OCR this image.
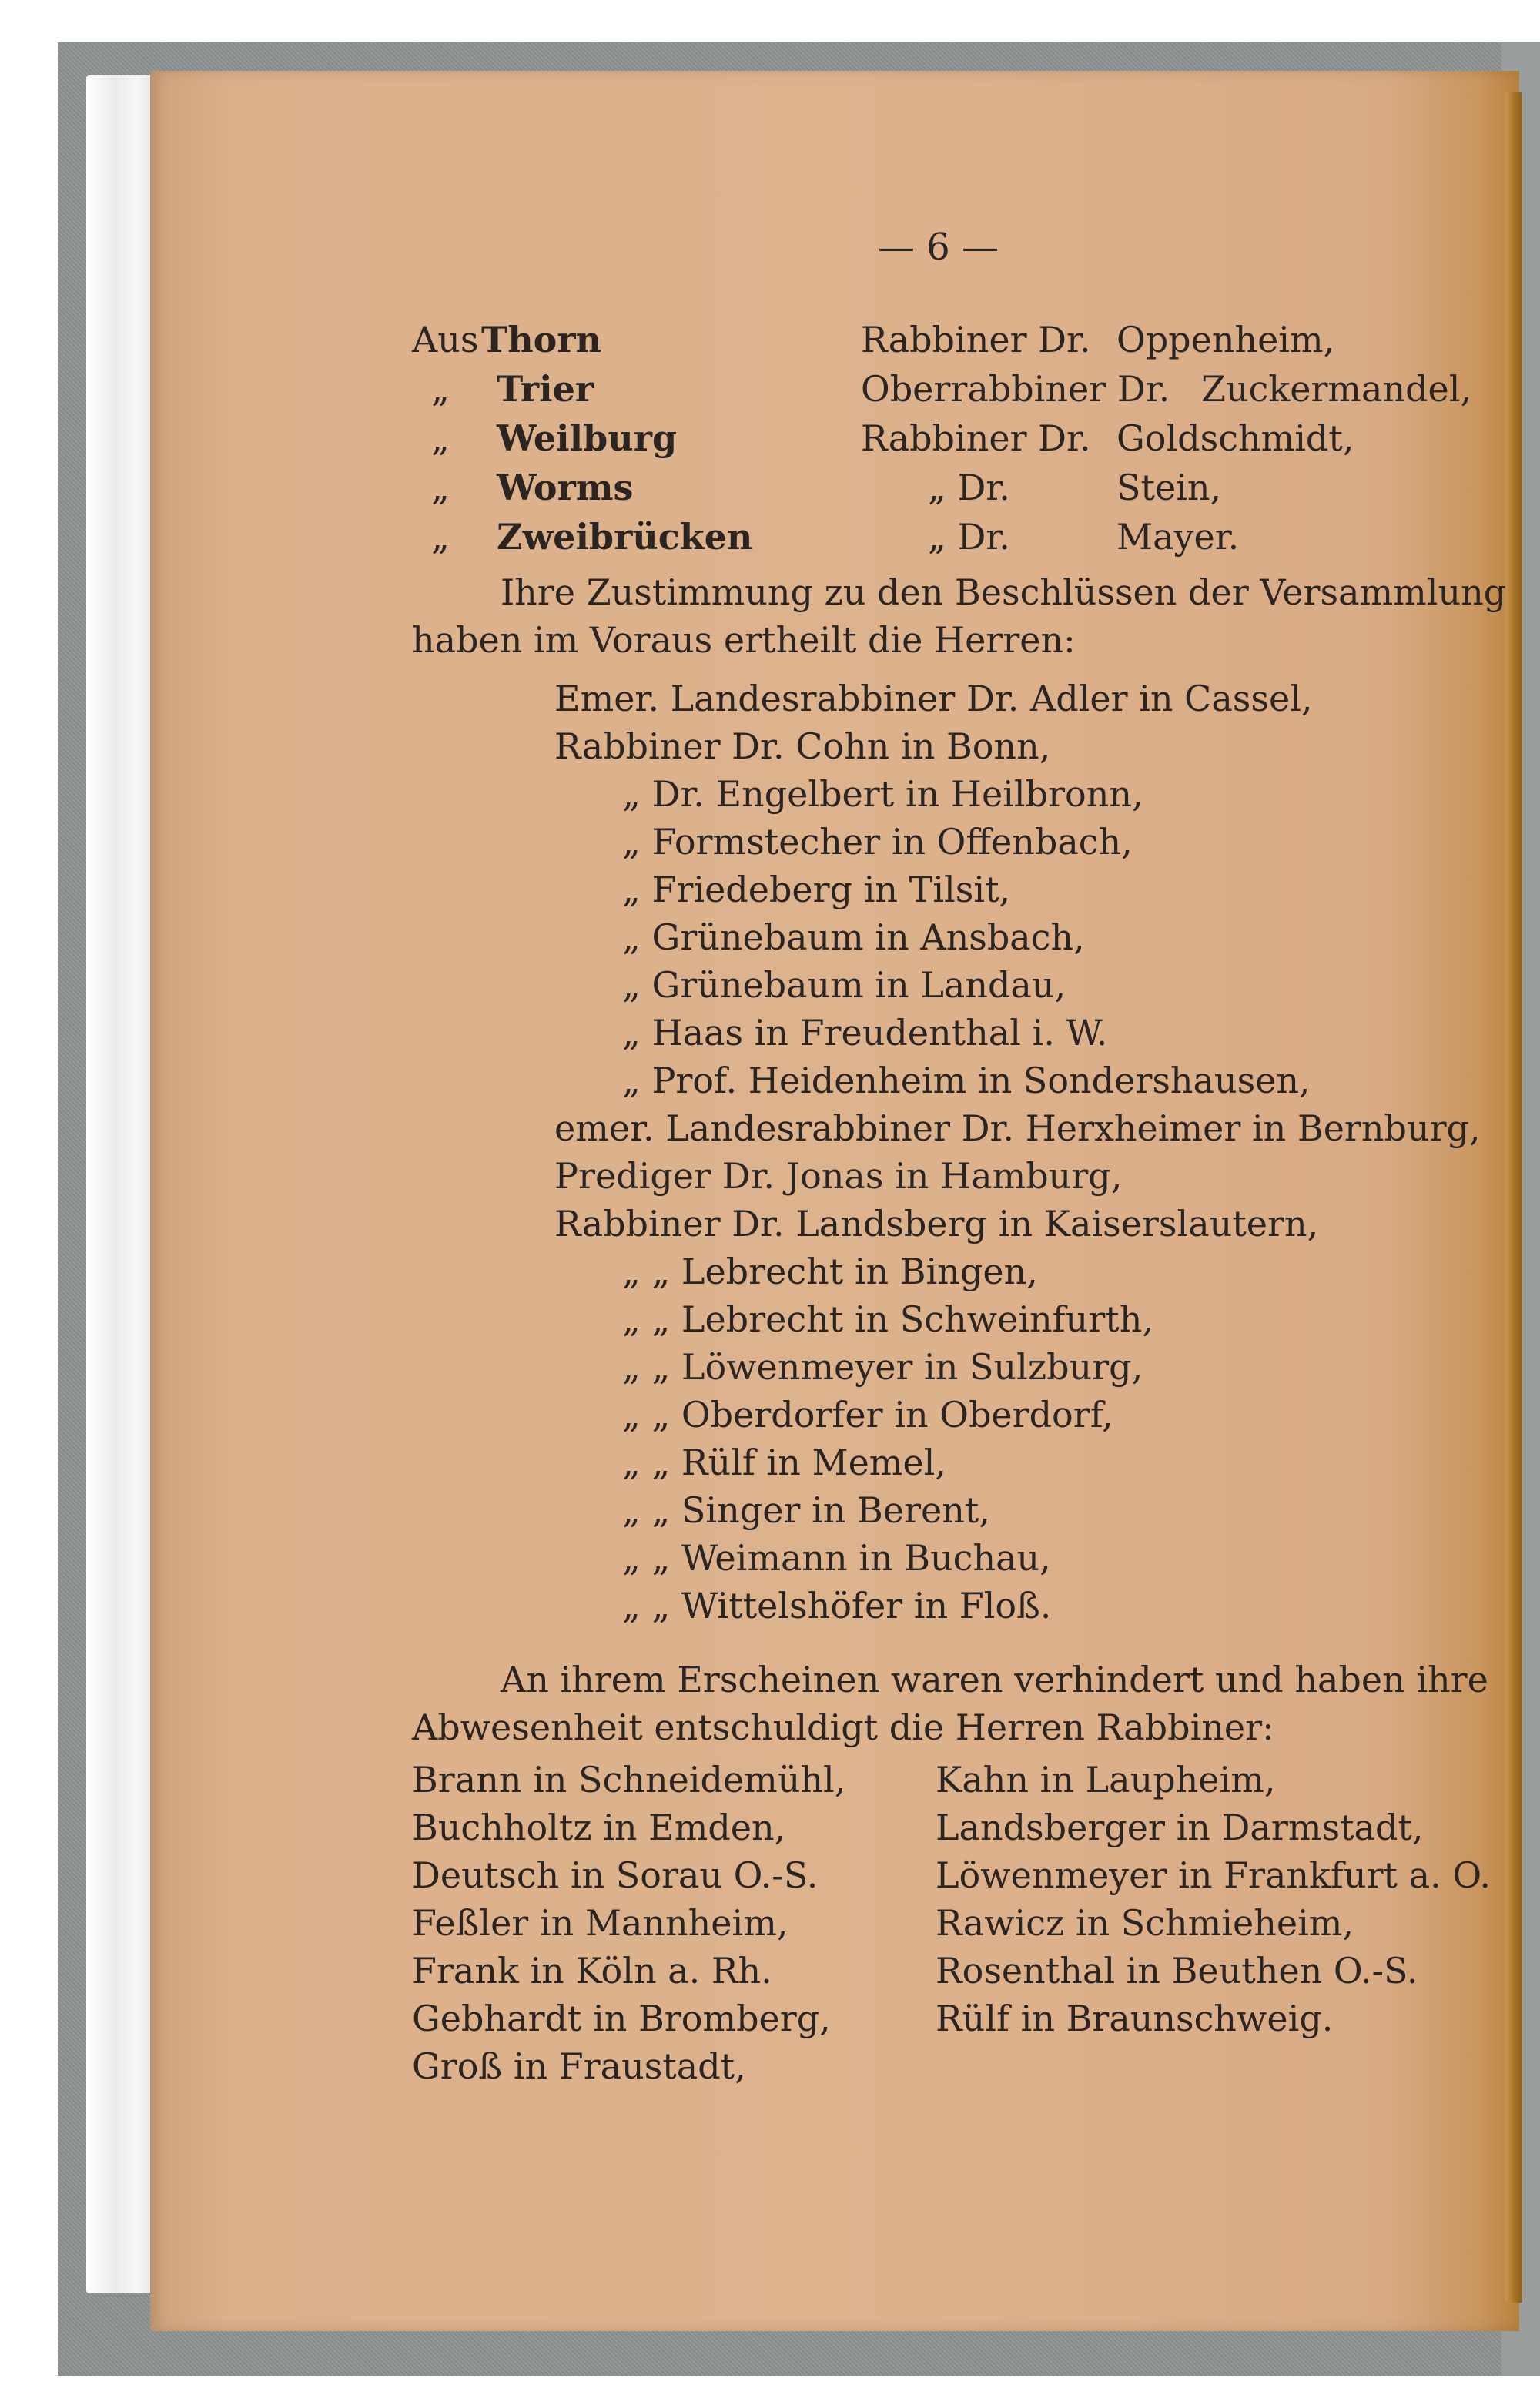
— 6 —
Aus Thorn	Rabbiner Dr. Oppenheim,
„ Trier	Oberrabbiner Dr. Zuckermandel,
„ Weilburg	Rabbiner Dr. Goldschmidt,
„ Worms	„ Dr.	Stein,
„ Zweibrücken	„ Dr.	Mayer.
Ihre Zustimmung zu den Beschlüssen der Versammlung
haben im Voraus ertheilt die Herren:
Emer. Landesrabbiner Dr. Adler in Cassel,
Rabbiner Dr. Cohn in Bonn,
„ Dr. Engelbert in Heilbronn,
„ Formstecher in Offenbach,
„ Friedeberg in Tilsit,
„ Grünebaum in Ansbach,
„ Grünebaum in Landau,
„ Haas in Freudenthal i. W.
„ Prof. Heidenheim in Sondershausen,
emer. Landesrabbiner Dr. Herxheimer in Bernburg,
Prediger Dr. Jonas in Hamburg,
Rabbiner Dr. Landsberg in Kaiserslautern,
„ „ Lebrecht in Bingen,
„ „ Lebrecht in Schweinfurth,
„ „ Löwenmeyer in Sulzburg,
„ „ Oberdorfer in Oberdorf,
„ „ Rülf in Memel,
„ „ Singer in Berent,
„ „ Weimann in Buchau,
„ „ Wittelshöfer in Floß.
An ihrem Erscheinen waren verhindert und haben ihre
Abwesenheit entschuldigt die Herren Rabbiner:
Brann in Schneidemühl,
Buchholtz in Emden,
Deutsch in Sorau O.-S.
Feßler in Mannheim,
Frank in Köln a. Rh.
Gebhardt in Bromberg,
Groß in Fraustadt,
Kahn in Laupheim,
Landsberger in Darmstadt,
Löwenmeyer in Frankfurt a. O.
Rawicz in Schmieheim,
Rosenthal in Beuthen O.-S.
Rülf in Braunschweig.
